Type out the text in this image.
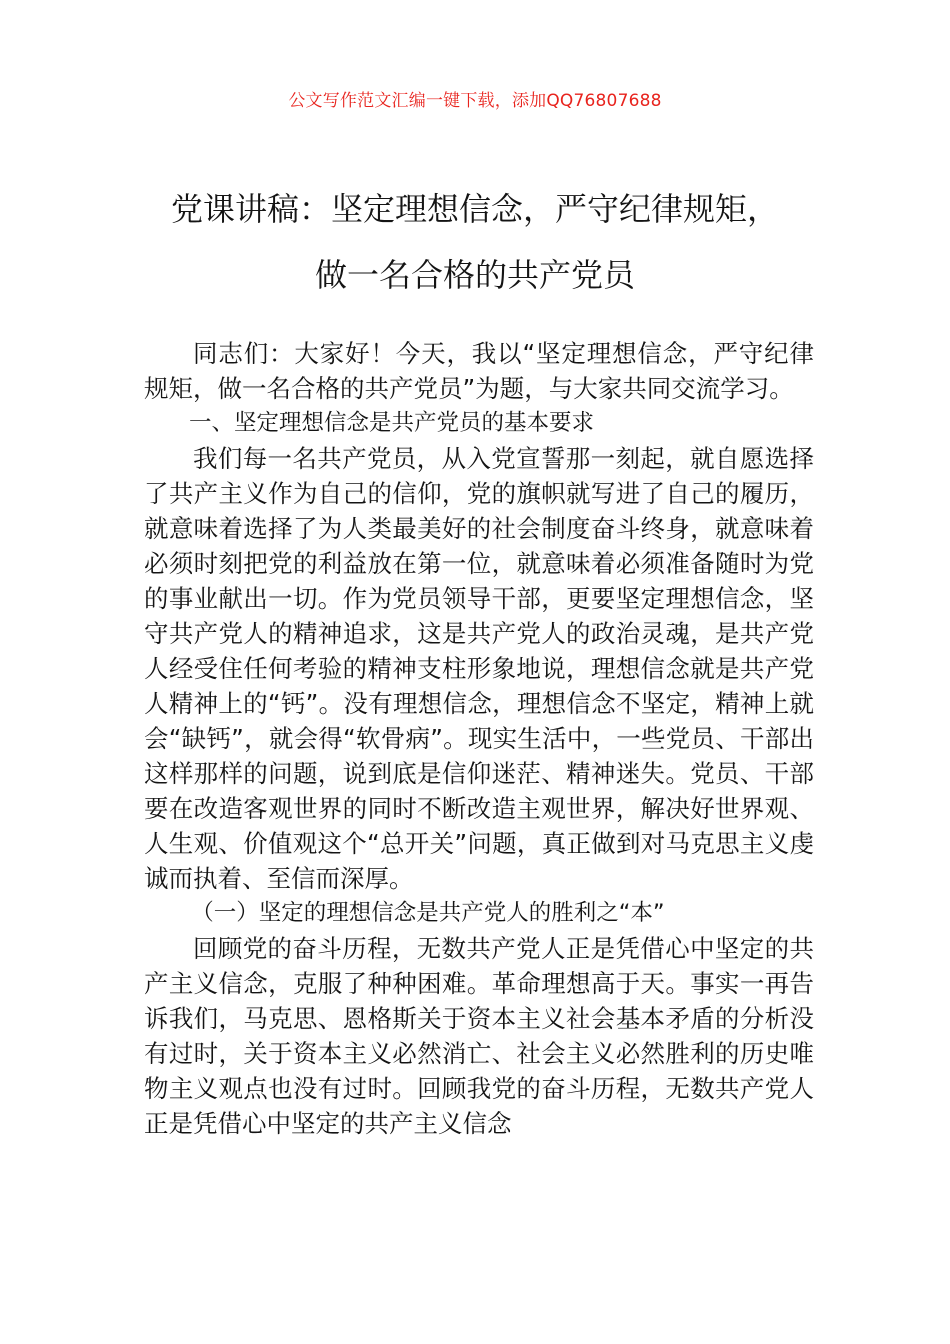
公文写作范文汇编一键下载，添加QQ76807688
党课讲稿：坚定理想信念，严守纪律规矩，
做一名合格的共产党员

同志们：大家好！今天，我以“坚定理想信念，严守纪律规矩，做一名合格的共产党员”为题，与大家共同交流学习。

一、坚定理想信念是共产党员的基本要求

我们每一名共产党员，从入党宣誓那一刻起，就自愿选择了共产主义作为自己的信仰，党的旗帜就写进了自己的履历，就意味着选择了为人类最美好的社会制度奋斗终身，就意味着必须时刻把党的利益放在第一位，就意味着必须准备随时为党的事业献出一切。作为党员领导干部，更要坚定理想信念，坚守共产党人的精神追求，这是共产党人的政治灵魂，是共产党人经受住任何考验的精神支柱形象地说，理想信念就是共产党人精神上的“钙”。没有理想信念，理想信念不坚定，精神上就会“缺钙”，就会得“软骨病”。现实生活中，一些党员、干部出这样那样的问题，说到底是信仰迷茫、精神迷失。党员、干部要在改造客观世界的同时不断改造主观世界，解决好世界观、人生观、价值观这个“总开关”问题，真正做到对马克思主义虔诚而执着、至信而深厚。

（一）坚定的理想信念是共产党人的胜利之“本”

回顾党的奋斗历程，无数共产党人正是凭借心中坚定的共产主义信念，克服了种种困难。革命理想高于天。事实一再告诉我们，马克思、恩格斯关于资本主义社会基本矛盾的分析没有过时，关于资本主义必然消亡、社会主义必然胜利的历史唯物主义观点也没有过时。回顾我党的奋斗历程，无数共产党人正是凭借心中坚定的共产主义信念
